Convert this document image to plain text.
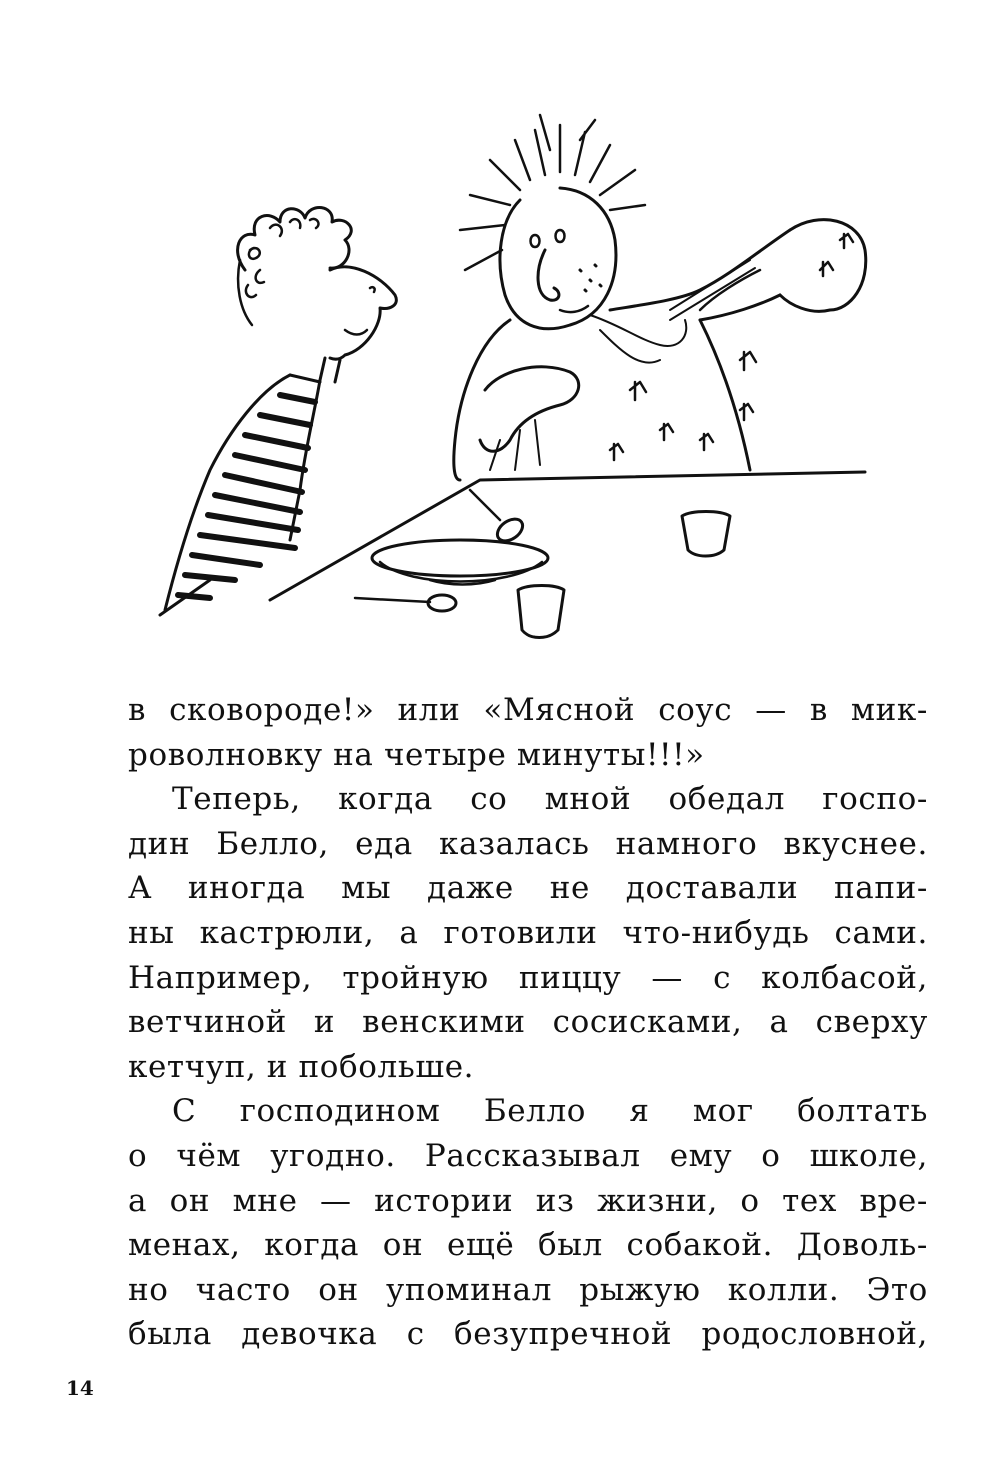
в сковороде!» или «Мясной соус — в мик-
роволновку на четыре минуты!!!»
Теперь, когда со мной обедал госпо-
дин Белло, еда казалась намного вкуснее.
А иногда мы даже не доставали папи-
ны кастрюли, а готовили что-нибудь сами.
Например, тройную пиццу — с колбасой,
ветчиной и венскими сосисками, а сверху
кетчуп, и побольше.
С господином Белло я мог болтать
о чём угодно. Рассказывал ему о школе,
а он мне — истории из жизни, о тех вре-
менах, когда он ещё был собакой. Доволь-
но часто он упоминал рыжую колли. Это
была девочка с безупречной родословной,
14
